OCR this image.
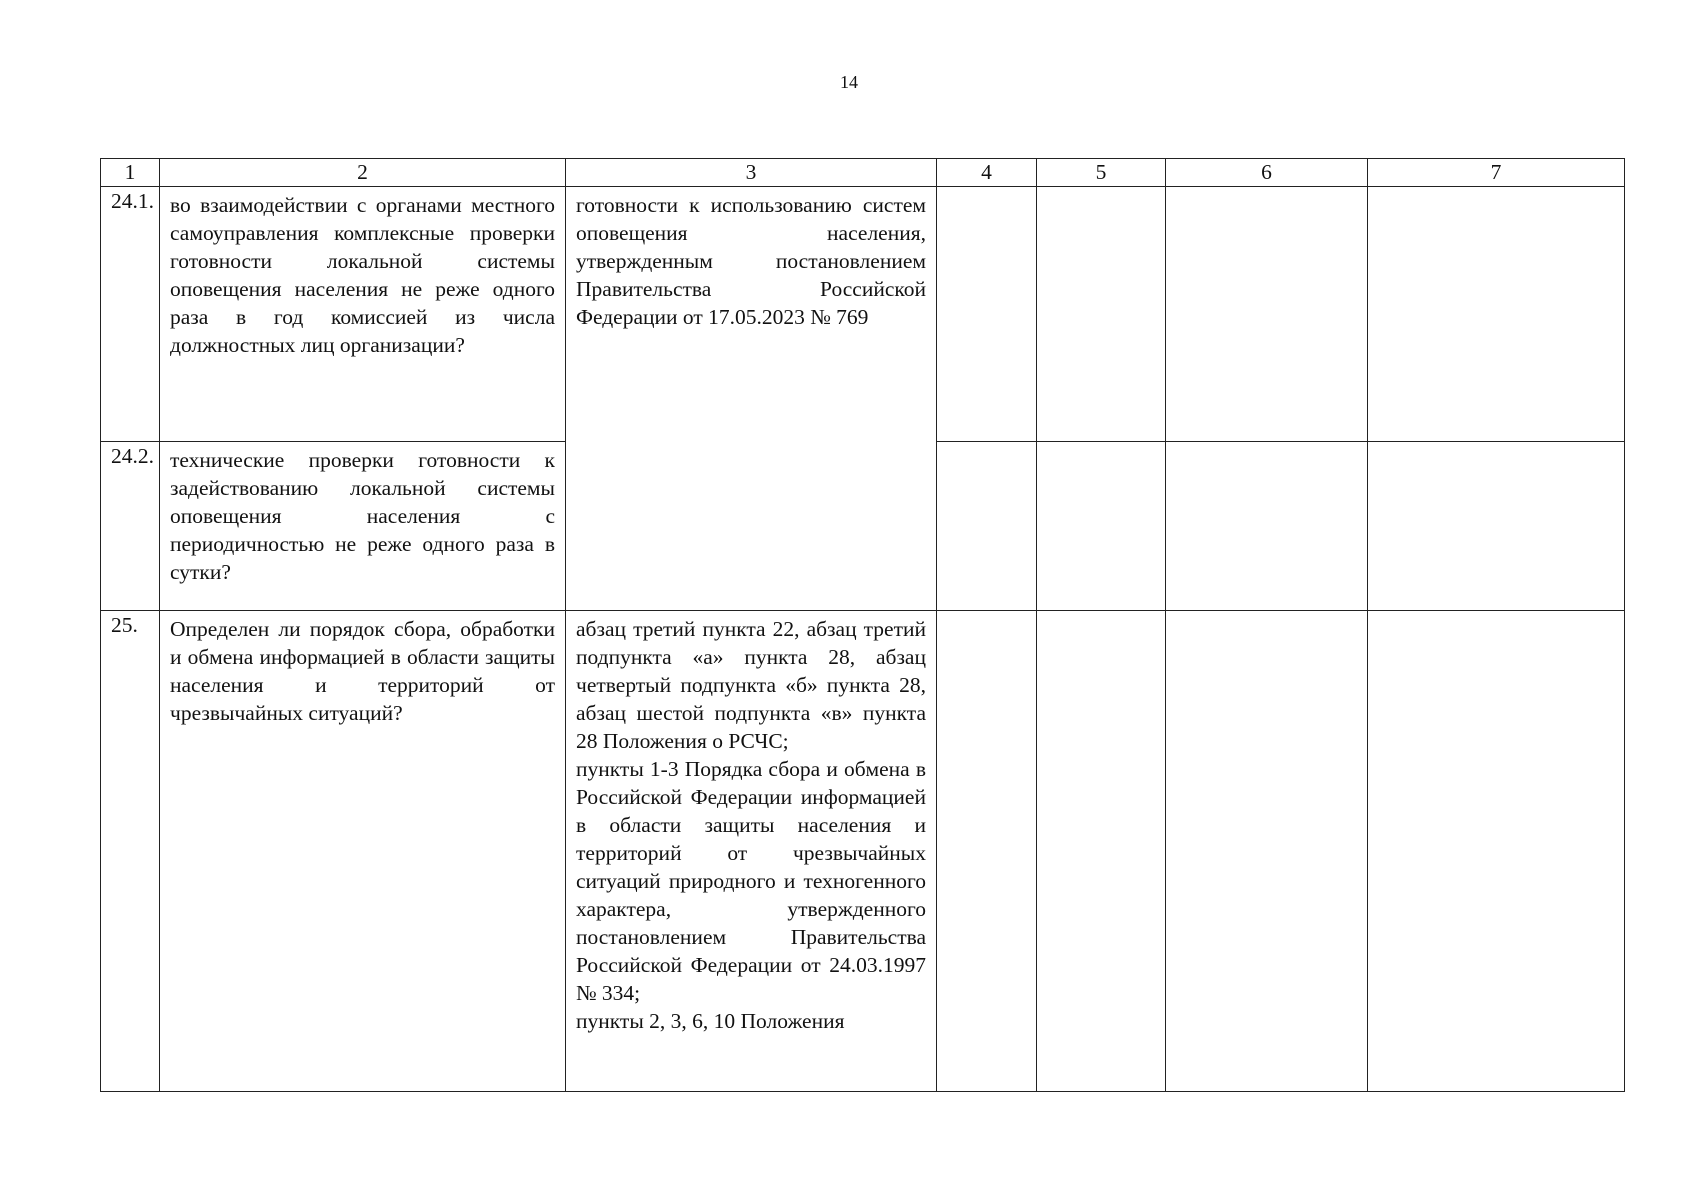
14
1	2	3	4	5	6	7
24.1.	во взаимодействии с органами местного самоуправления комплексные проверки готовности локальной системы оповещения населения не реже одного раза в год комиссией из числа должностных лиц организации?	готовности к использованию систем оповещения населения, утвержденным постановлением Правительства Российской Федерации от 17.05.2023 № 769				
24.2.	технические проверки готовности к задействованию локальной системы оповещения населения с периодичностью не реже одного раза в сутки?					
25.	Определен ли порядок сбора, обработки и обмена информацией в области защиты населения и территорий от чрезвычайных ситуаций?	абзац третий пункта 22, абзац третий подпункта «а» пункта 28, абзац четвертый подпункта «б» пункта 28, абзац шестой подпункта «в» пункта 28 Положения о РСЧС;

пункты 1-3 Порядка сбора и обмена в Российской Федерации информацией в области защиты населения и территорий от чрезвычайных ситуаций природного и техногенного характера, утвержденного постановлением Правительства Российской Федерации от 24.03.1997 № 334;

пункты 2, 3, 6, 10 Положения				
